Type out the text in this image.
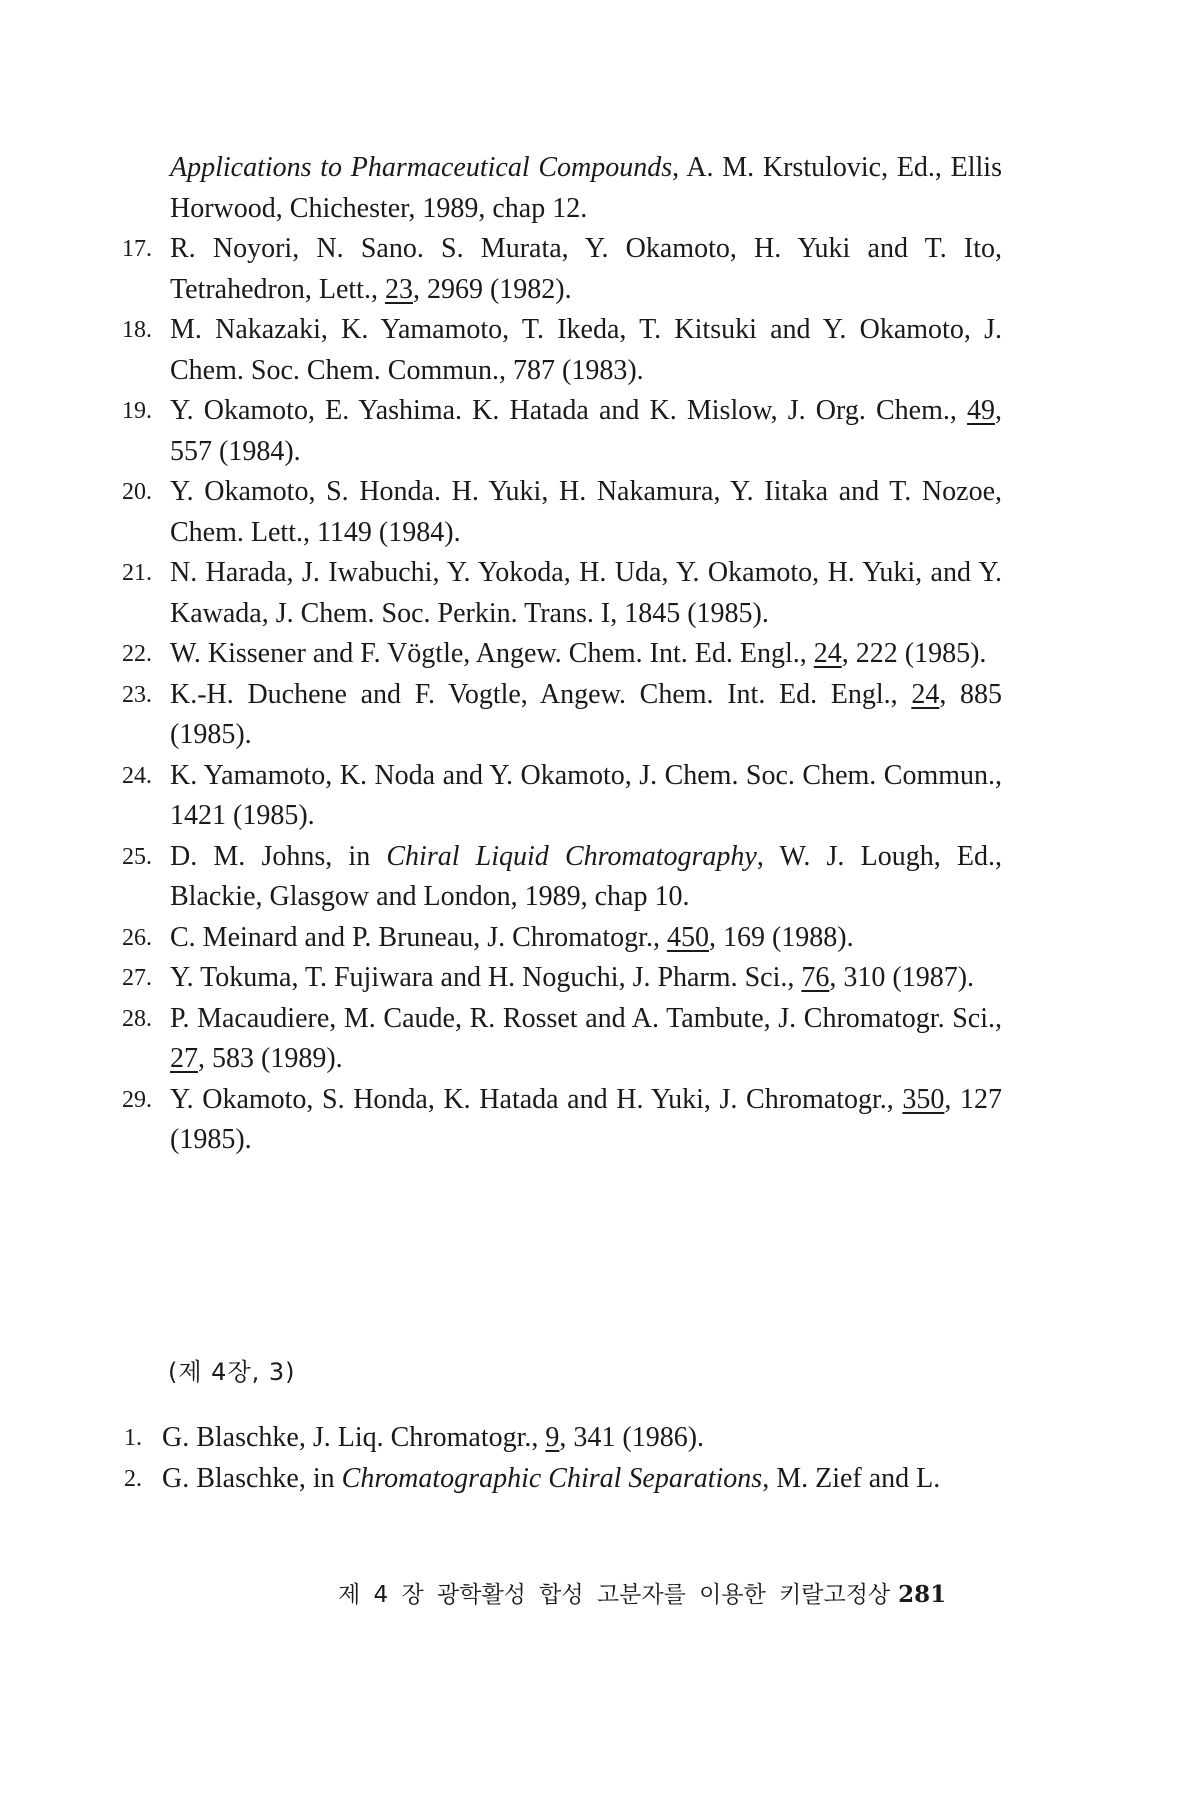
Applications to Pharmaceutical Compounds, A. M. Krstulovic, Ed., Ellis Horwood, Chichester, 1989, chap 12.
17. R. Noyori, N. Sano. S. Murata, Y. Okamoto, H. Yuki and T. Ito, Tetrahedron, Lett., 23, 2969 (1982).
18. M. Nakazaki, K. Yamamoto, T. Ikeda, T. Kitsuki and Y. Okamoto, J. Chem. Soc. Chem. Commun., 787 (1983).
19. Y. Okamoto, E. Yashima. K. Hatada and K. Mislow, J. Org. Chem., 49, 557 (1984).
20. Y. Okamoto, S. Honda. H. Yuki, H. Nakamura, Y. Iitaka and T. Nozoe, Chem. Lett., 1149 (1984).
21. N. Harada, J. Iwabuchi, Y. Yokoda, H. Uda, Y. Okamoto, H. Yuki, and Y. Kawada, J. Chem. Soc. Perkin. Trans. I, 1845 (1985).
22. W. Kissener and F. Vögtle, Angew. Chem. Int. Ed. Engl., 24, 222 (1985).
23. K.-H. Duchene and F. Vogtle, Angew. Chem. Int. Ed. Engl., 24, 885 (1985).
24. K. Yamamoto, K. Noda and Y. Okamoto, J. Chem. Soc. Chem. Commun., 1421 (1985).
25. D. M. Johns, in Chiral Liquid Chromatography, W. J. Lough, Ed., Blackie, Glasgow and London, 1989, chap 10.
26. C. Meinard and P. Bruneau, J. Chromatogr., 450, 169 (1988).
27. Y. Tokuma, T. Fujiwara and H. Noguchi, J. Pharm. Sci., 76, 310 (1987).
28. P. Macaudiere, M. Caude, R. Rosset and A. Tambute, J. Chromatogr. Sci., 27, 583 (1989).
29. Y. Okamoto, S. Honda, K. Hatada and H. Yuki, J. Chromatogr., 350, 127 (1985).
(제 4장, 3)
1. G. Blaschke, J. Liq. Chromatogr., 9, 341 (1986).
2. G. Blaschke, in Chromatographic Chiral Separations, M. Zief and L.
제 4 장 광학활성 합성 고분자를 이용한 키랄고정상 281
